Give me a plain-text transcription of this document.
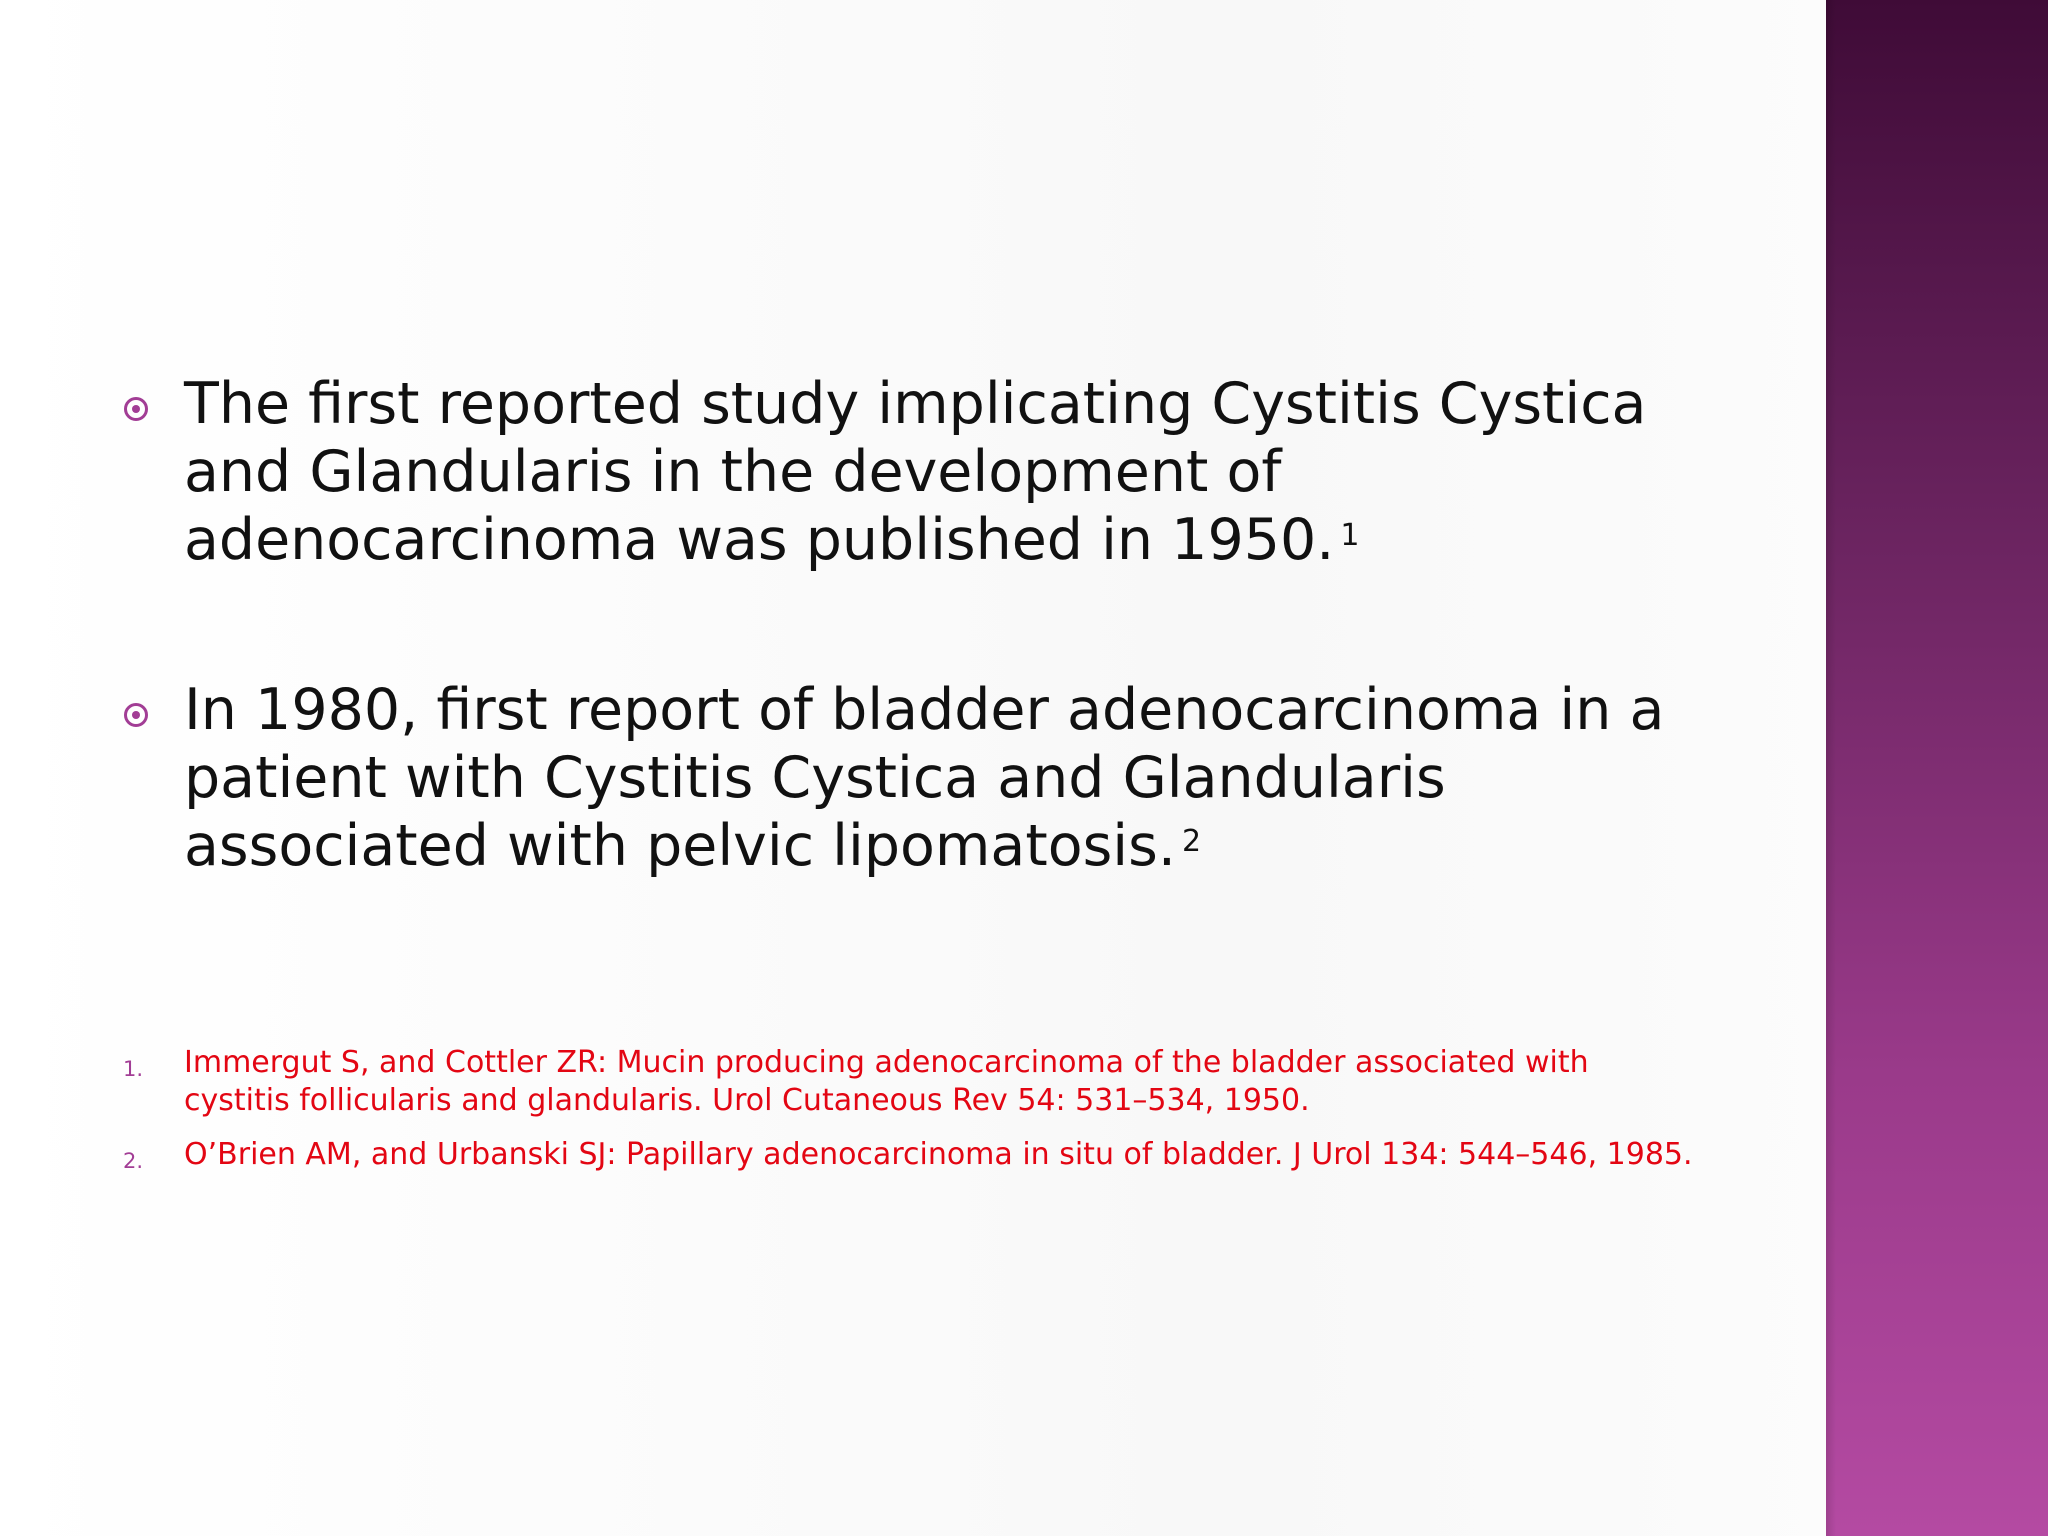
The first reported study implicating Cystitis Cystica and Glandularis in the development of adenocarcinoma was published in 1950. $^1$
In 1980, first report of bladder adenocarcinoma in a patient with Cystitis Cystica and Glandularis associated with pelvic lipomatosis. $^2$
1. Immergut S, and Cottler ZR: Mucin producing adenocarcinoma of the bladder associated with cystitis follicularis and glandularis. Urol Cutaneous Rev 54: 531–534, 1950.
2. O’Brien AM, and Urbanski SJ: Papillary adenocarcinoma in situ of bladder. J Urol 134: 544–546, 1985.
